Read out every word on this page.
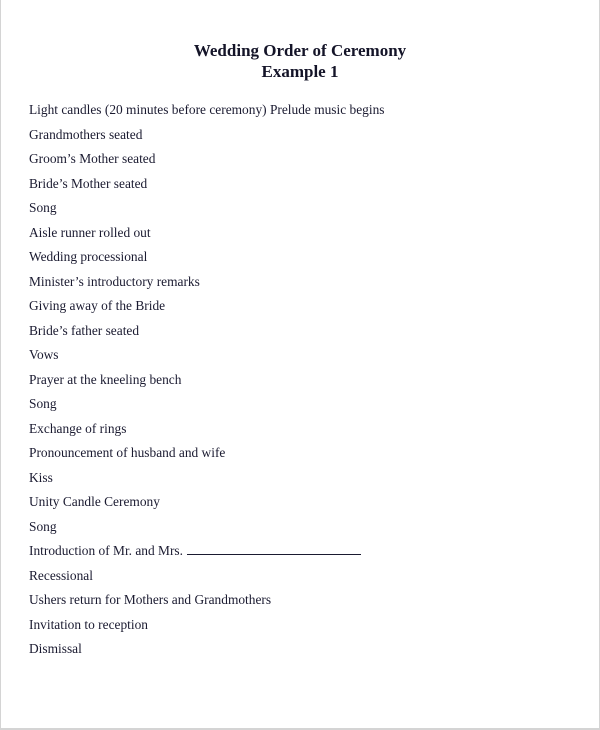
Wedding Order of Ceremony
Example 1
Light candles (20 minutes before ceremony) Prelude music begins
Grandmothers seated
Groom’s Mother seated
Bride’s Mother seated
Song
Aisle runner rolled out
Wedding processional
Minister’s introductory remarks
Giving away of the Bride
Bride’s father seated
Vows
Prayer at the kneeling bench
Song
Exchange of rings
Pronouncement of husband and wife
Kiss
Unity Candle Ceremony
Song
Introduction of Mr. and Mrs.
Recessional
Ushers return for Mothers and Grandmothers
Invitation to reception
Dismissal
